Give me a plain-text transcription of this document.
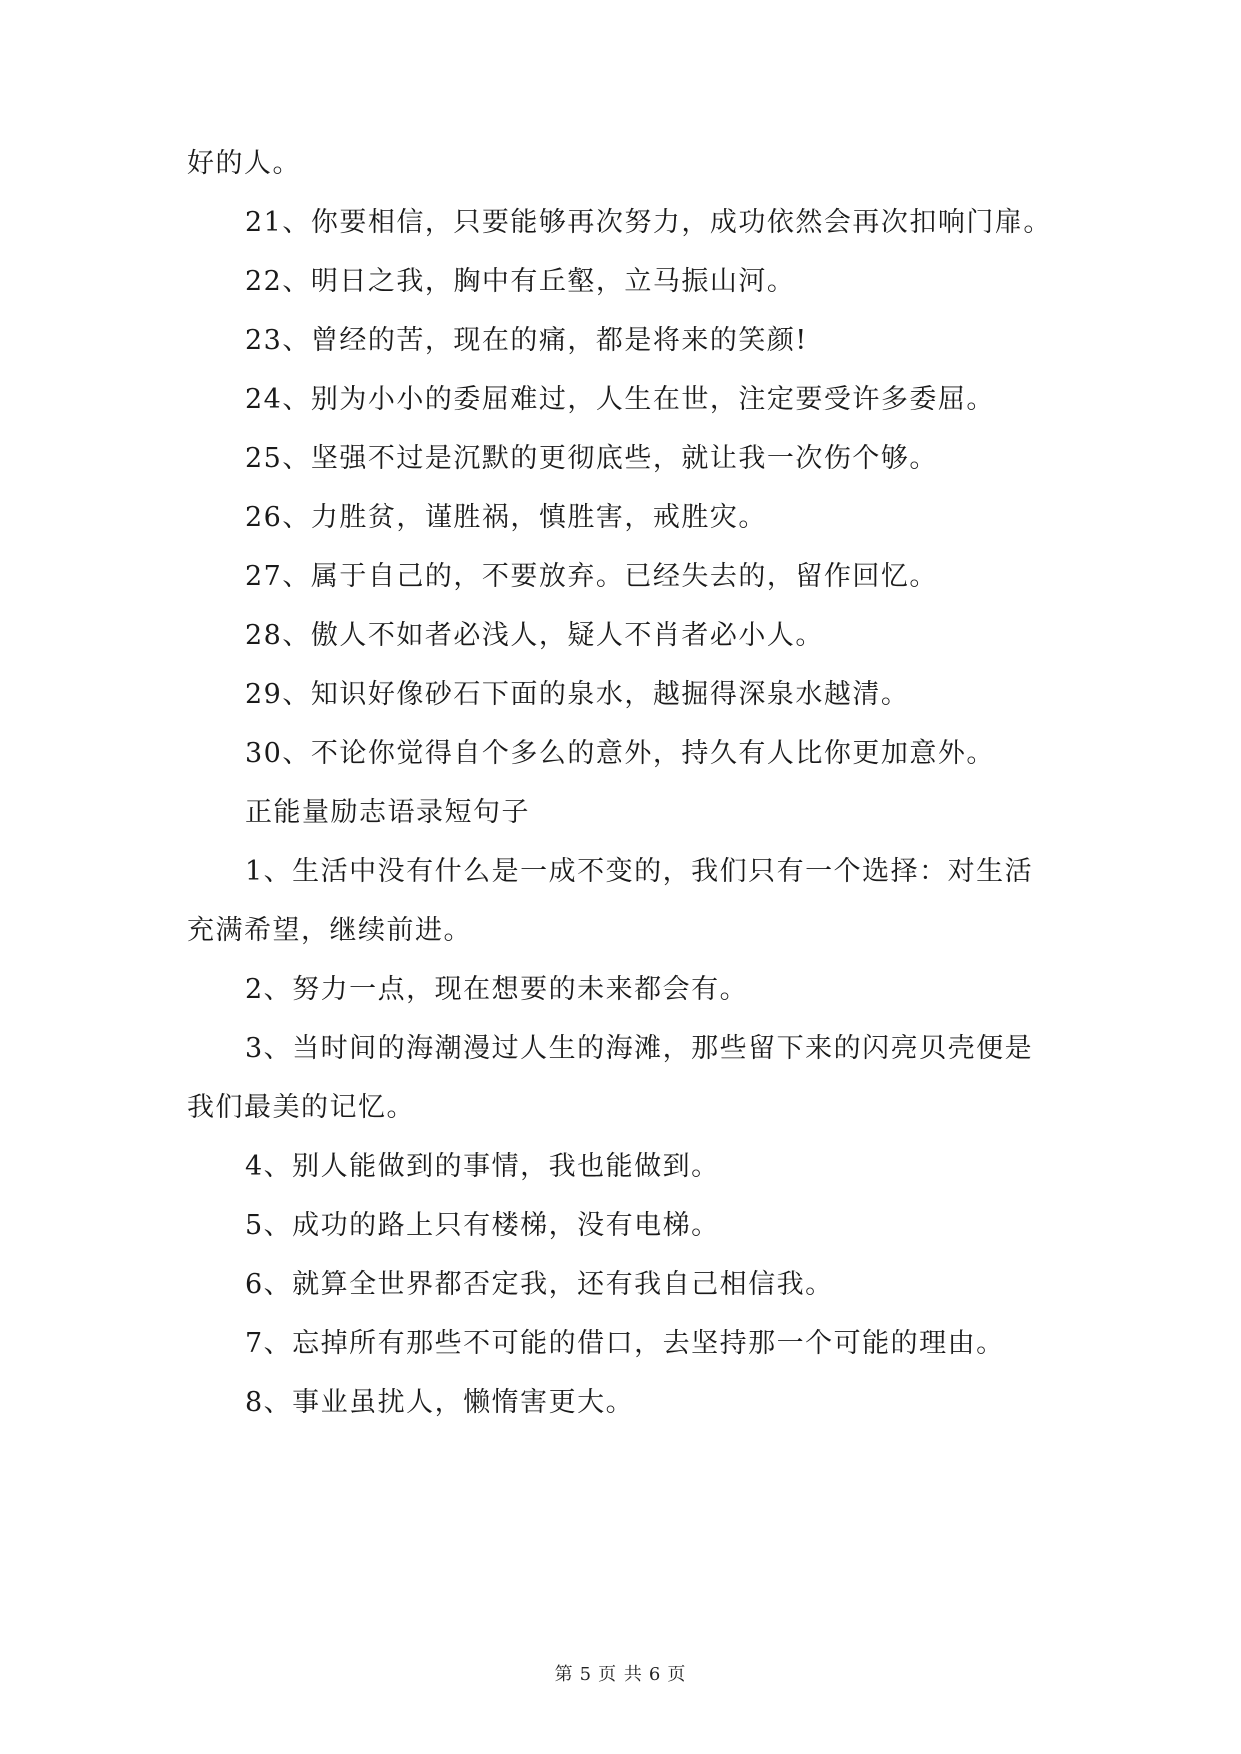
好的人。
21、你要相信，只要能够再次努力，成功依然会再次扣响门扉。
22、明日之我，胸中有丘壑，立马振山河。
23、曾经的苦，现在的痛，都是将来的笑颜!
24、别为小小的委屈难过，人生在世，注定要受许多委屈。
25、坚强不过是沉默的更彻底些，就让我一次伤个够。
26、力胜贫，谨胜祸，慎胜害，戒胜灾。
27、属于自己的，不要放弃。已经失去的，留作回忆。
28、傲人不如者必浅人，疑人不肖者必小人。
29、知识好像砂石下面的泉水，越掘得深泉水越清。
30、不论你觉得自个多么的意外，持久有人比你更加意外。
正能量励志语录短句子
1、生活中没有什么是一成不变的，我们只有一个选择：对生活
充满希望，继续前进。
2、努力一点，现在想要的未来都会有。
3、当时间的海潮漫过人生的海滩，那些留下来的闪亮贝壳便是
我们最美的记忆。
4、别人能做到的事情，我也能做到。
5、成功的路上只有楼梯，没有电梯。
6、就算全世界都否定我，还有我自己相信我。
7、忘掉所有那些不可能的借口，去坚持那一个可能的理由。
8、事业虽扰人，懒惰害更大。
第 5 页 共 6 页
